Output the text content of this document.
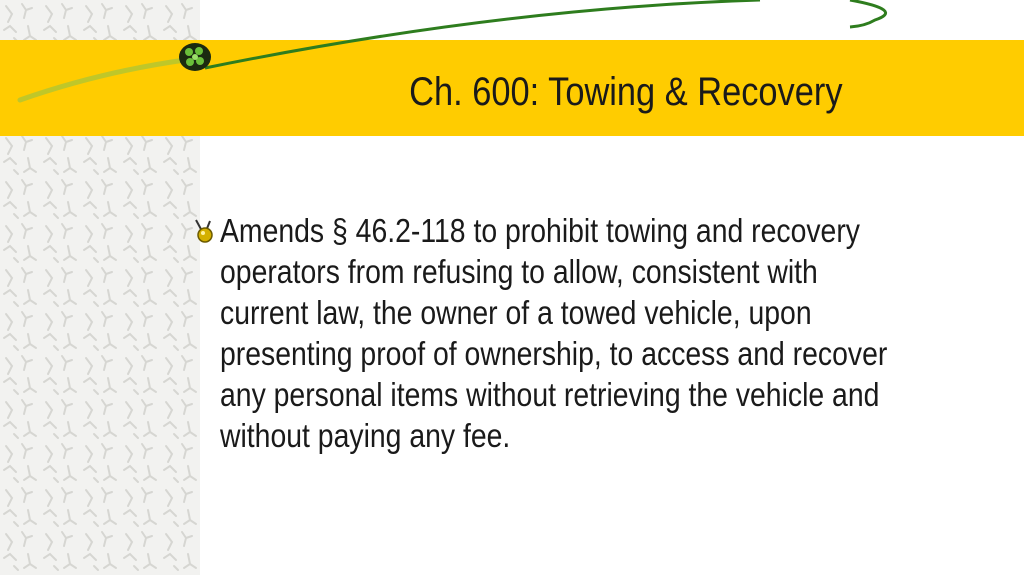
Ch. 600: Towing & Recovery
Amends § 46.2-118 to prohibit towing and recovery operators from refusing to allow, consistent with current law, the owner of a towed vehicle, upon presenting proof of ownership, to access and recover any personal items without retrieving the vehicle and without paying any fee.
